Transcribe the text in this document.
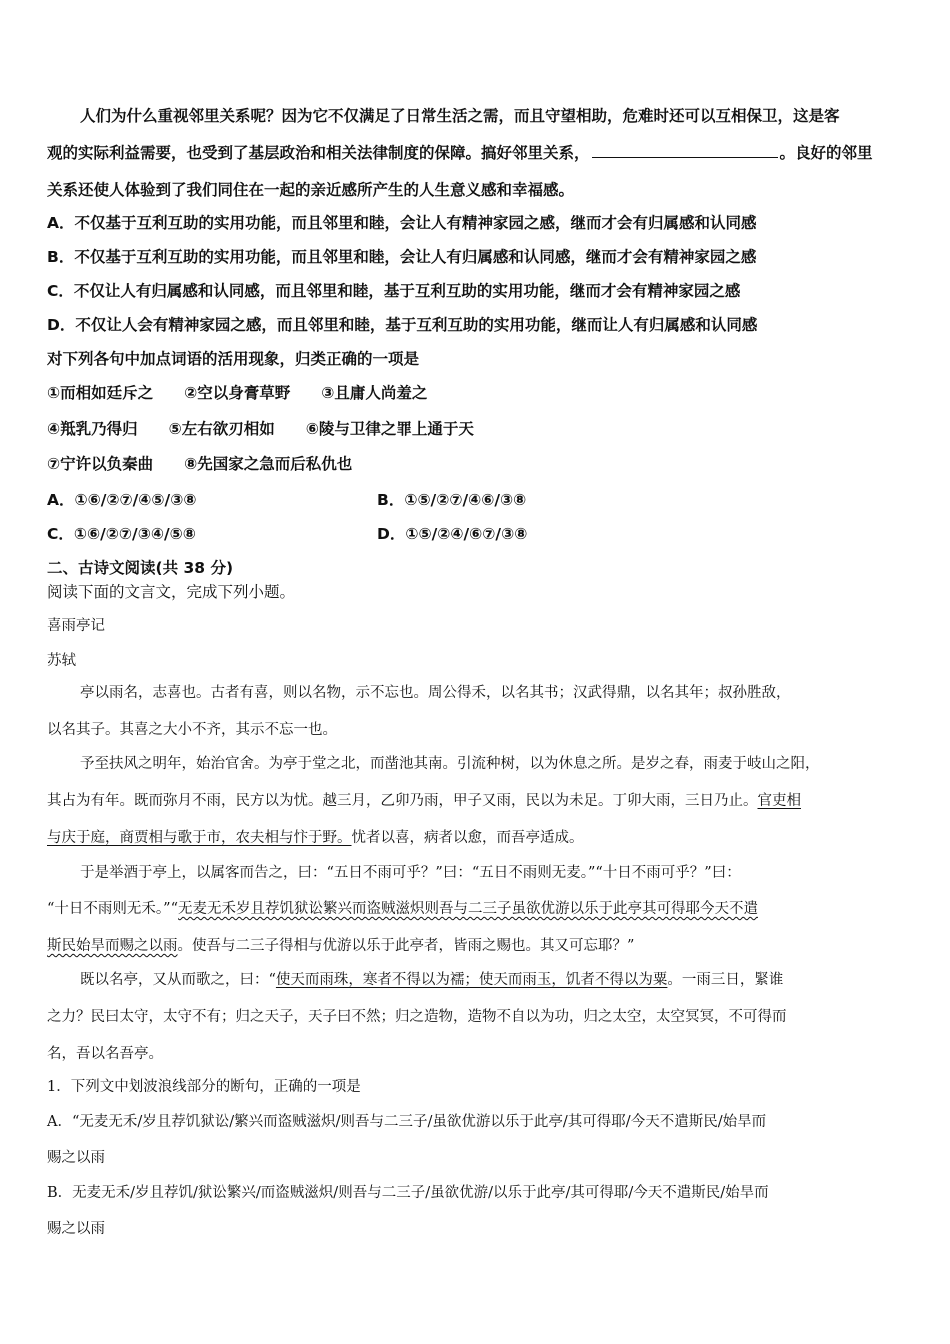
人们为什么重视邻里关系呢？因为它不仅满足了日常生活之需，而且守望相助，危难时还可以互相保卫，这是客
观的实际利益需要，也受到了基层政治和相关法律制度的保障。搞好邻里关系，	。良好的邻里
关系还使人体验到了我们同住在一起的亲近感所产生的人生意义感和幸福感。
A．不仅基于互利互助的实用功能，而且邻里和睦，会让人有精神家园之感，继而才会有归属感和认同感
B．不仅基于互利互助的实用功能，而且邻里和睦，会让人有归属感和认同感，继而才会有精神家园之感
C．不仅让人有归属感和认同感，而且邻里和睦，基于互利互助的实用功能，继而才会有精神家园之感
D．不仅让人会有精神家园之感，而且邻里和睦，基于互利互助的实用功能，继而让人有归属感和认同感
对下列各句中加点词语的活用现象，归类正确的一项是
①而相如廷斥之　　②空以身膏草野　　③且庸人尚羞之
④羝乳乃得归　　⑤左右欲刃相如　　⑥陵与卫律之罪上通于天
⑦宁许以负秦曲　　⑧先国家之急而后私仇也
A．①⑥/②⑦/④⑤/③⑧	B．①⑤/②⑦/④⑥/③⑧
C．①⑥/②⑦/③④/⑤⑧	D．①⑤/②④/⑥⑦/③⑧
二、古诗文阅读(共 38 分)
阅读下面的文言文，完成下列小题。
喜雨亭记
苏轼
亭以雨名，志喜也。古者有喜，则以名物，示不忘也。周公得禾，以名其书；汉武得鼎，以名其年；叔孙胜敌，
以名其子。其喜之大小不齐，其示不忘一也。
予至扶风之明年，始治官舍。为亭于堂之北，而凿池其南。引流种树，以为休息之所。是岁之春，雨麦于岐山之阳，
其占为有年。既而弥月不雨，民方以为忧。越三月，乙卯乃雨，甲子又雨，民以为未足。丁卯大雨，三日乃止。官吏相
与庆于庭，商贾相与歌于市，农夫相与忭于野。忧者以喜，病者以愈，而吾亭适成。
于是举酒于亭上，以属客而告之，曰：“五日不雨可乎？”曰：“五日不雨则无麦。”“十日不雨可乎？”曰：
“十日不雨则无禾。”“无麦无禾岁且荐饥狱讼繁兴而盗贼滋炽则吾与二三子虽欲优游以乐于此亭其可得耶今天不遣
斯民始旱而赐之以雨。使吾与二三子得相与优游以乐于此亭者，皆雨之赐也。其又可忘耶？”
既以名亭，又从而歌之，曰：“使天而雨珠，寒者不得以为襦；使天而雨玉，饥者不得以为粟。一雨三日，緊谁
之力？民曰太守，太守不有；归之天子，天子曰不然；归之造物，造物不自以为功，归之太空，太空冥冥，不可得而
名，吾以名吾亭。
1．下列文中划波浪线部分的断句，正确的一项是
A．“无麦无禾/岁且荐饥狱讼/繁兴而盗贼滋炽/则吾与二三子/虽欲优游以乐于此亭/其可得耶/今天不遣斯民/始旱而
赐之以雨
B．无麦无禾/岁且荐饥/狱讼繁兴/而盗贼滋炽/则吾与二三子/虽欲优游/以乐于此亭/其可得耶/今天不遣斯民/始旱而
赐之以雨
